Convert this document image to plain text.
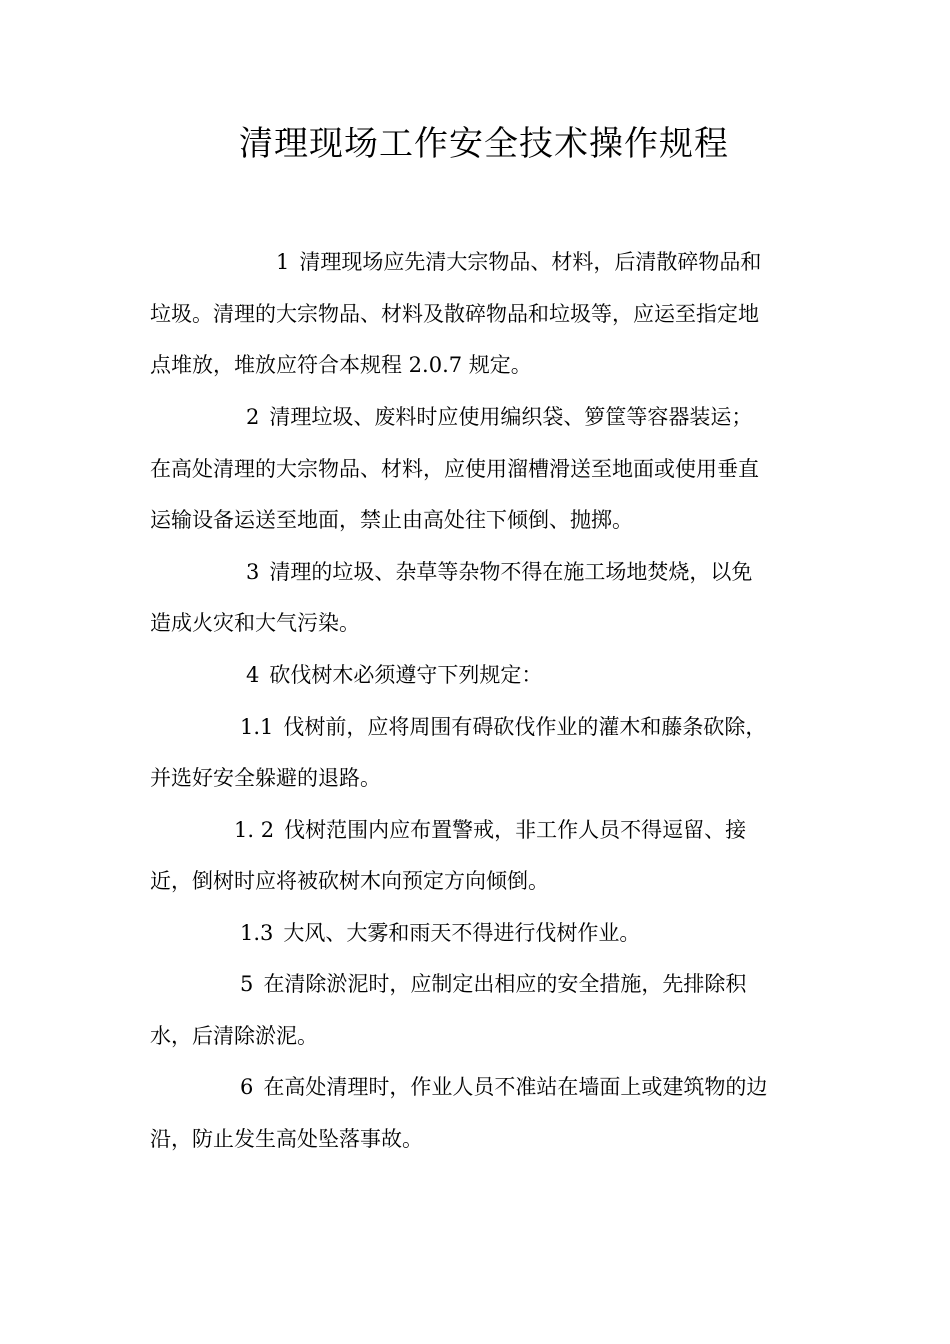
清理现场工作安全技术操作规程
1 清理现场应先清大宗物品、材料，后清散碎物品和
垃圾。清理的大宗物品、材料及散碎物品和垃圾等，应运至指定地
点堆放，堆放应符合本规程 2.0.7 规定。
2 清理垃圾、废料时应使用编织袋、箩筐等容器装运；
在高处清理的大宗物品、材料，应使用溜槽滑送至地面或使用垂直
运输设备运送至地面，禁止由高处往下倾倒、抛掷。
3 清理的垃圾、杂草等杂物不得在施工场地焚烧，以免
造成火灾和大气污染。
4 砍伐树木必须遵守下列规定：
1.1 伐树前，应将周围有碍砍伐作业的灌木和藤条砍除，
并选好安全躲避的退路。
1. 2 伐树范围内应布置警戒，非工作人员不得逗留、接
近，倒树时应将被砍树木向预定方向倾倒。
1.3 大风、大雾和雨天不得进行伐树作业。
5 在清除淤泥时，应制定出相应的安全措施，先排除积
水，后清除淤泥。
6 在高处清理时，作业人员不准站在墙面上或建筑物的边
沿，防止发生高处坠落事故。
